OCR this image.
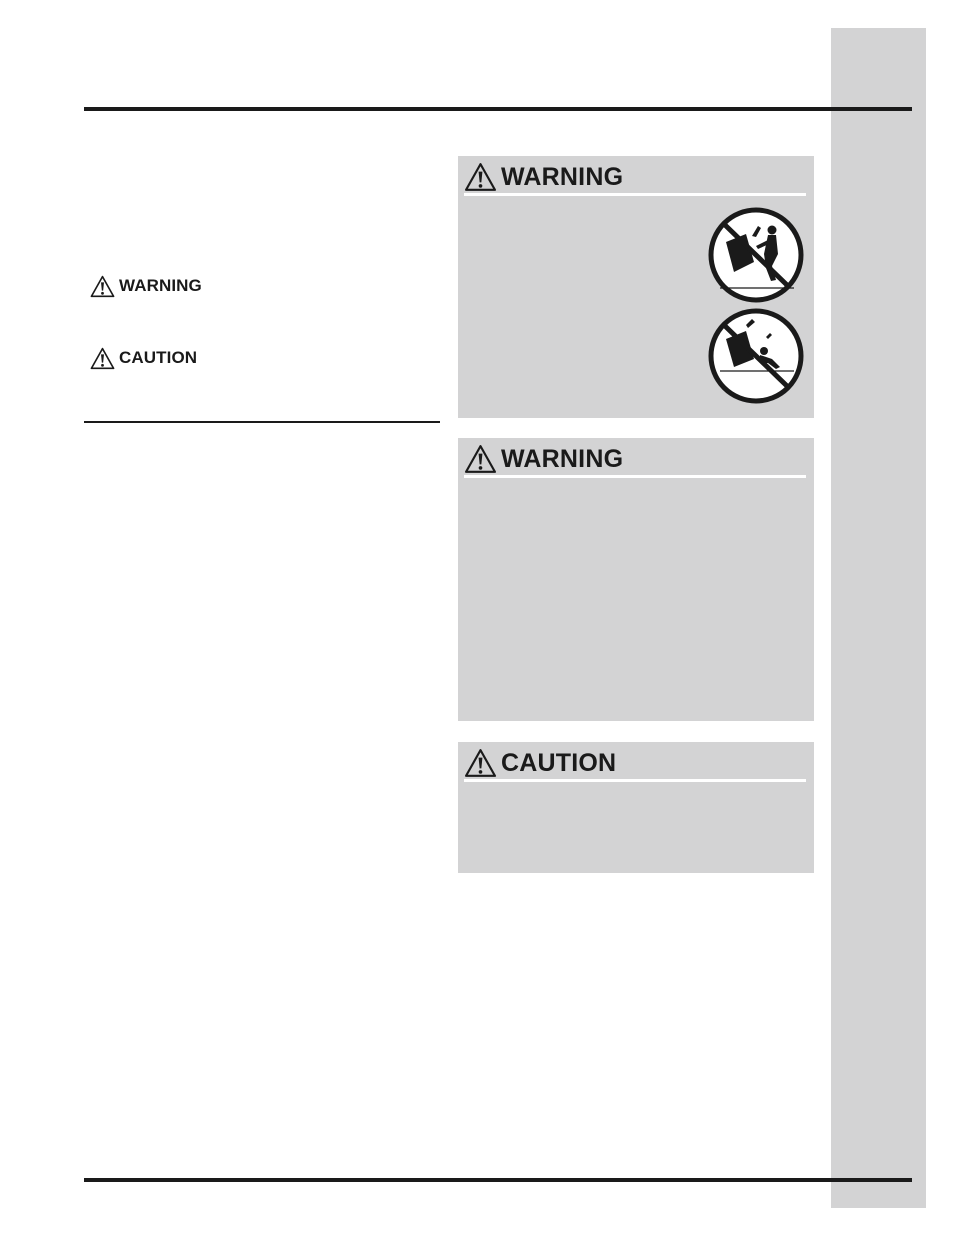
WARNING
CAUTION
WARNING
WARNING
CAUTION
